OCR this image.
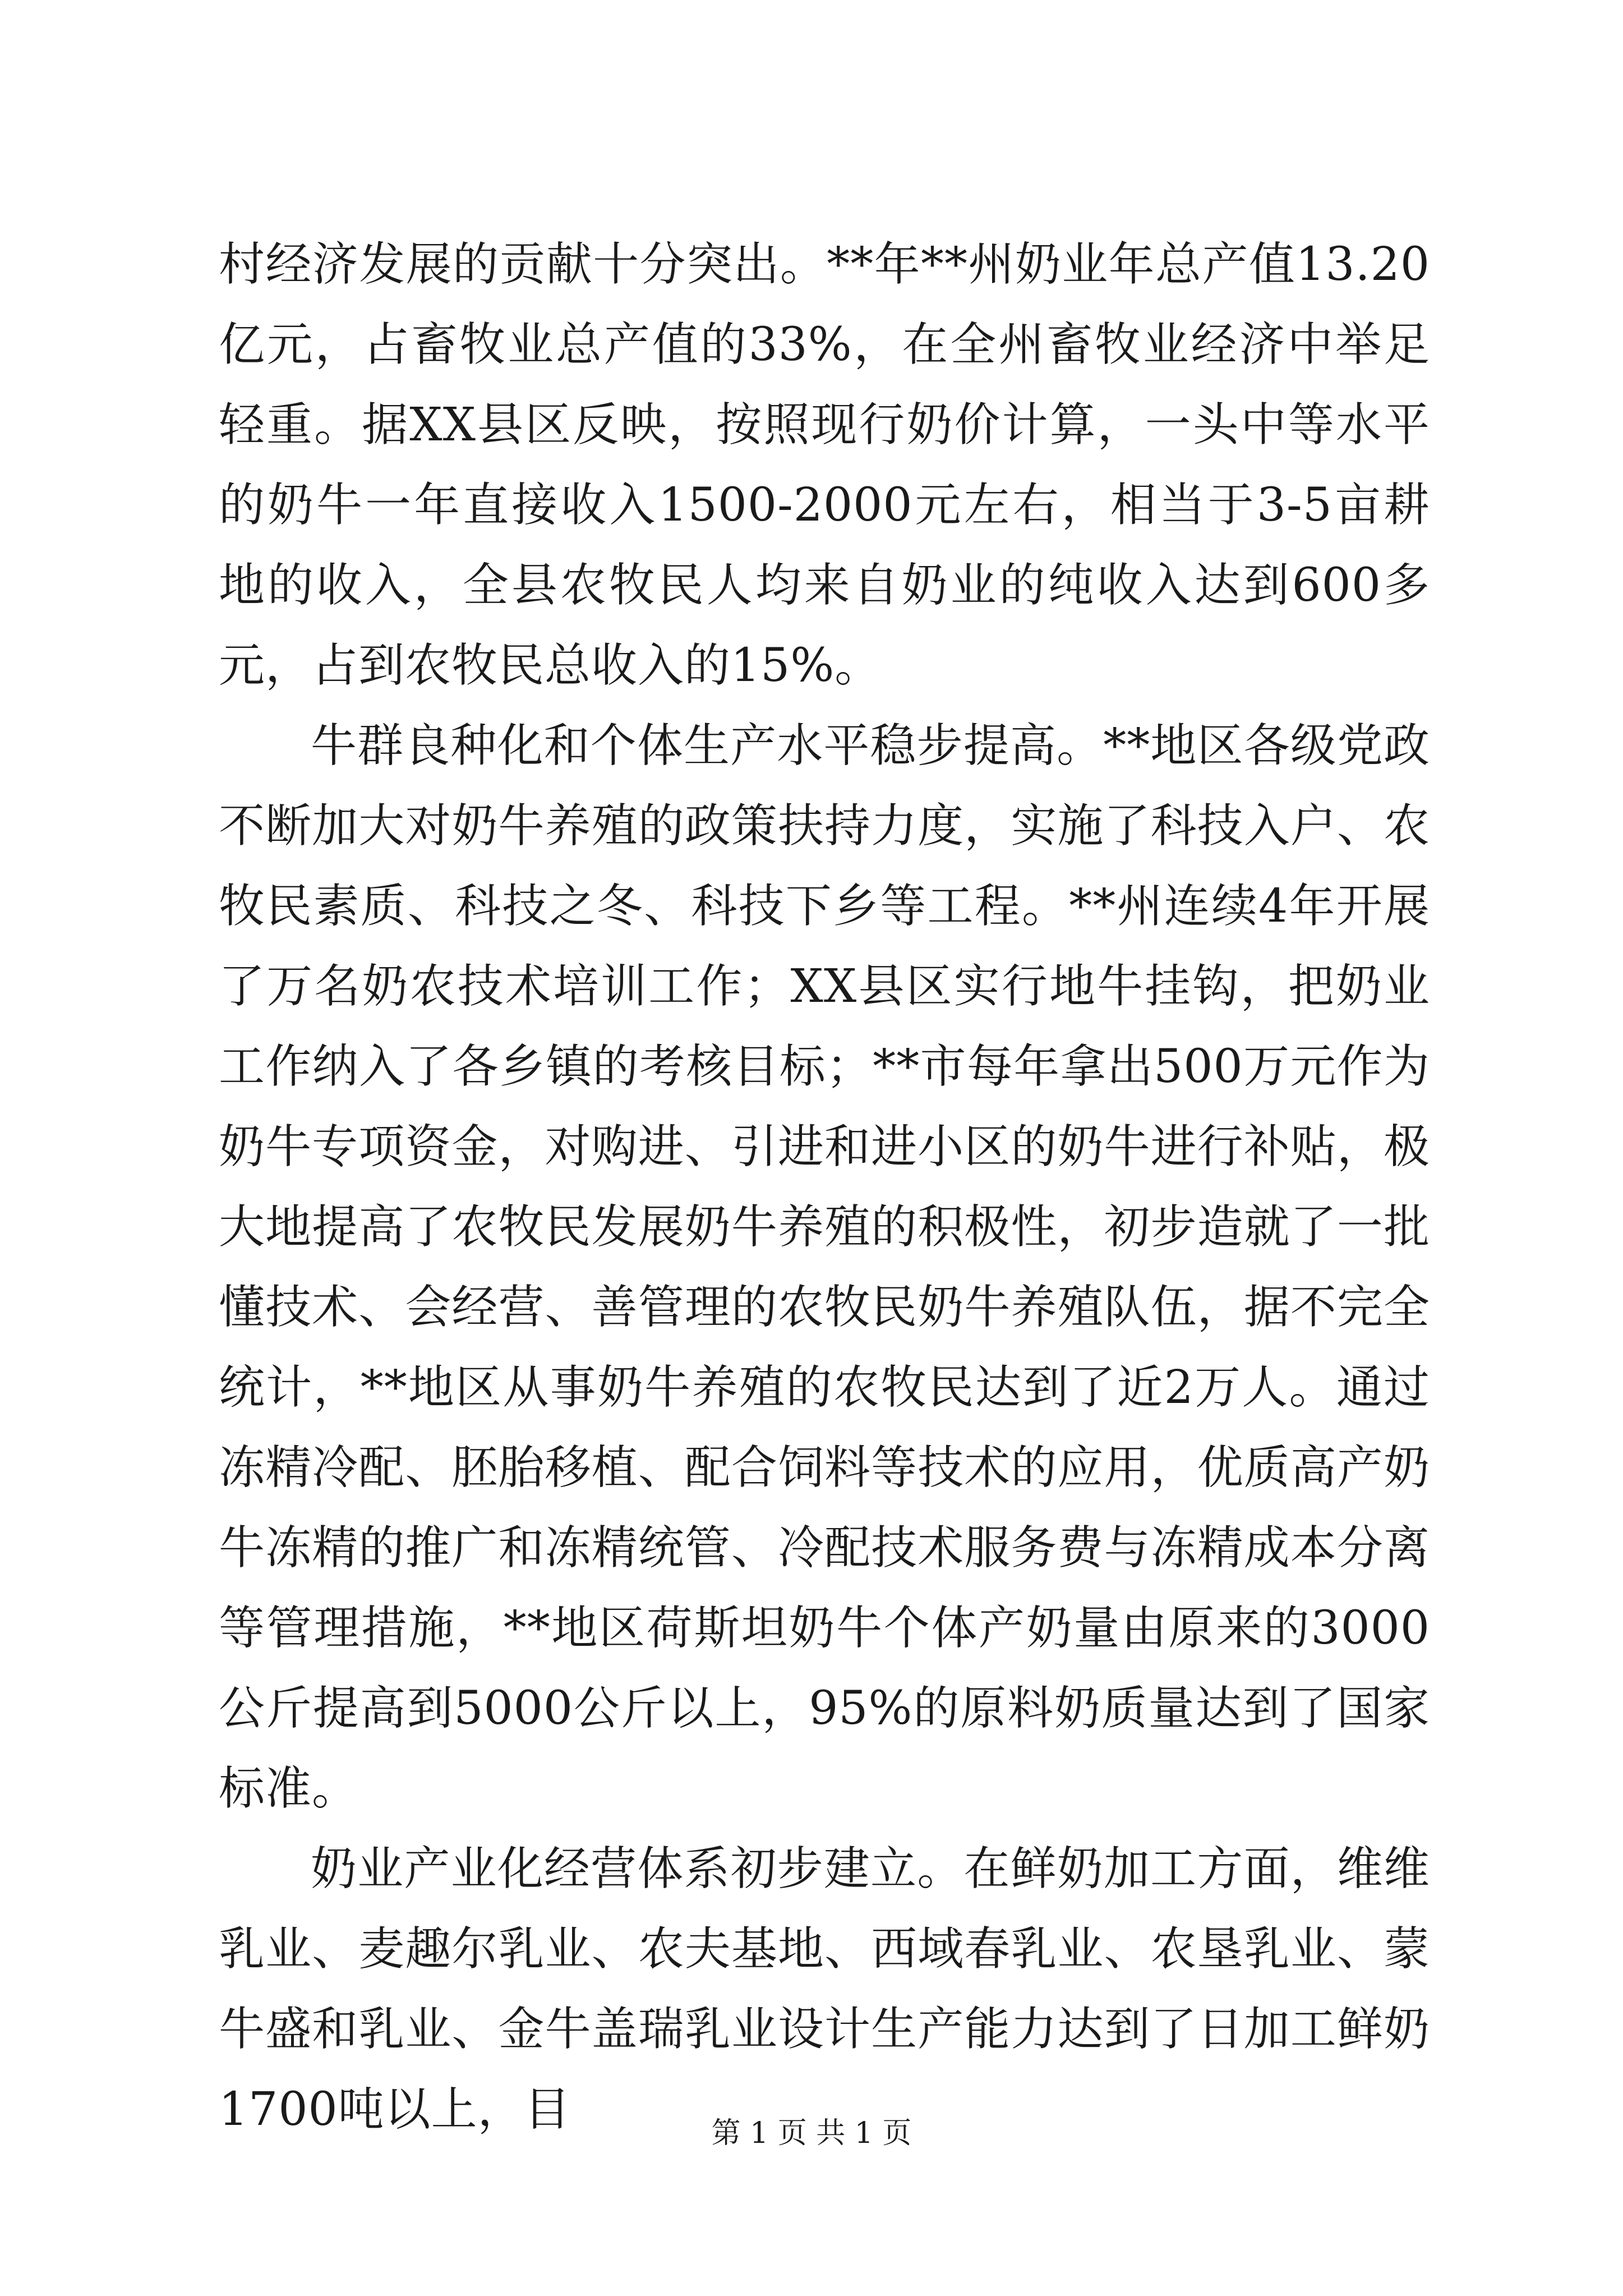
村经济发展的贡献十分突出。**年**州奶业年总产值13.20亿元，占畜牧业总产值的33%，在全州畜牧业经济中举足轻重。据XX县区反映，按照现行奶价计算，一头中等水平的奶牛一年直接收入1500-2000元左右，相当于3-5亩耕地的收入，全县农牧民人均来自奶业的纯收入达到600多元，占到农牧民总收入的15%。

牛群良种化和个体生产水平稳步提高。**地区各级党政不断加大对奶牛养殖的政策扶持力度，实施了科技入户、农牧民素质、科技之冬、科技下乡等工程。**州连续4年开展了万名奶农技术培训工作；XX县区实行地牛挂钩，把奶业工作纳入了各乡镇的考核目标；**市每年拿出500万元作为奶牛专项资金，对购进、引进和进小区的奶牛进行补贴，极大地提高了农牧民发展奶牛养殖的积极性，初步造就了一批懂技术、会经营、善管理的农牧民奶牛养殖队伍，据不完全统计，**地区从事奶牛养殖的农牧民达到了近2万人。通过冻精冷配、胚胎移植、配合饲料等技术的应用，优质高产奶牛冻精的推广和冻精统管、冷配技术服务费与冻精成本分离等管理措施，**地区荷斯坦奶牛个体产奶量由原来的3000公斤提高到5000公斤以上，95%的原料奶质量达到了国家标准。

奶业产业化经营体系初步建立。在鲜奶加工方面，维维乳业、麦趣尔乳业、农夫基地、西域春乳业、农垦乳业、蒙牛盛和乳业、金牛盖瑞乳业设计生产能力达到了日加工鲜奶1700吨以上，目	第 1 页 共 1 页
